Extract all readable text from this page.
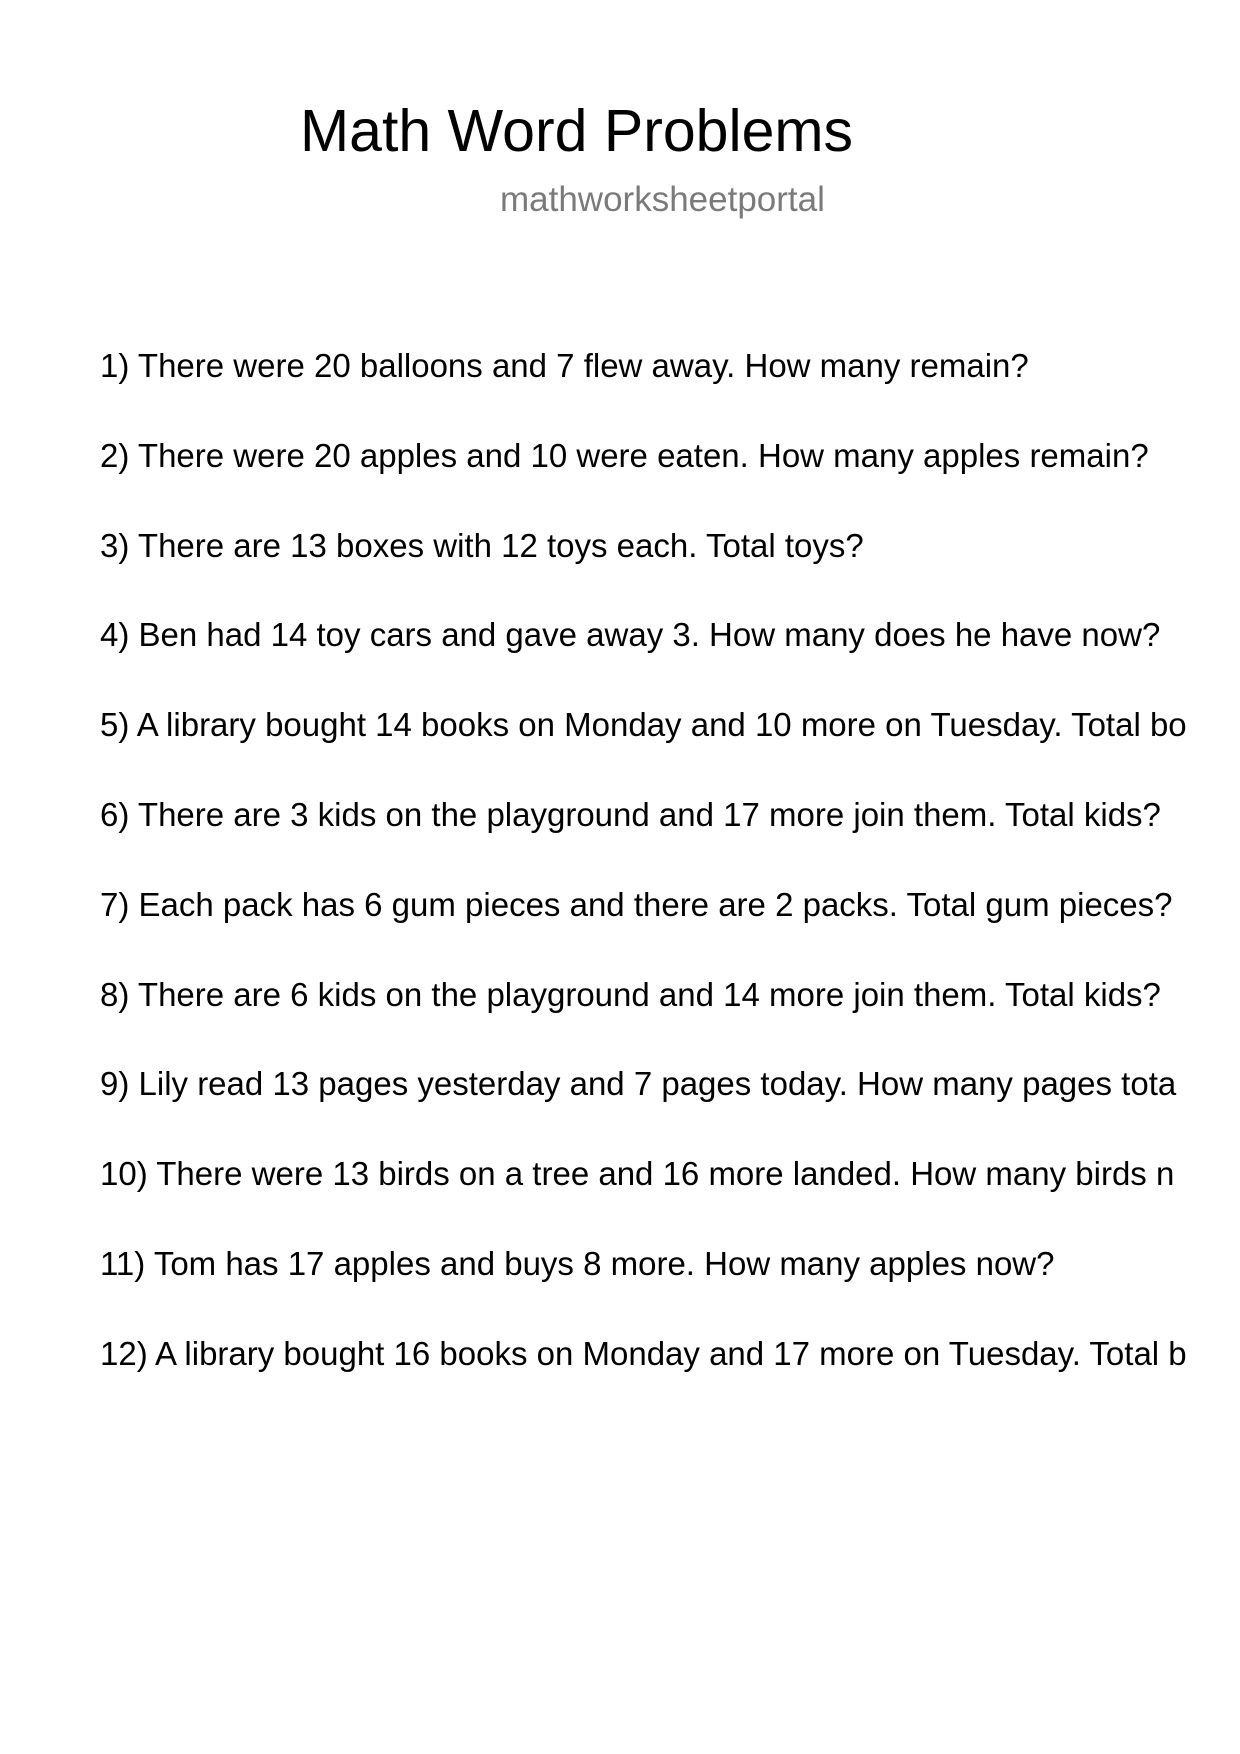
Math Word Problems
mathworksheetportal
1) There were 20 balloons and 7 flew away. How many remain?
2) There were 20 apples and 10 were eaten. How many apples remain?
3) There are 13 boxes with 12 toys each. Total toys?
4) Ben had 14 toy cars and gave away 3. How many does he have now?
5) A library bought 14 books on Monday and 10 more on Tuesday. Total bo
6) There are 3 kids on the playground and 17 more join them. Total kids?
7) Each pack has 6 gum pieces and there are 2 packs. Total gum pieces?
8) There are 6 kids on the playground and 14 more join them. Total kids?
9) Lily read 13 pages yesterday and 7 pages today. How many pages tota
10) There were 13 birds on a tree and 16 more landed. How many birds n
11) Tom has 17 apples and buys 8 more. How many apples now?
12) A library bought 16 books on Monday and 17 more on Tuesday. Total b
